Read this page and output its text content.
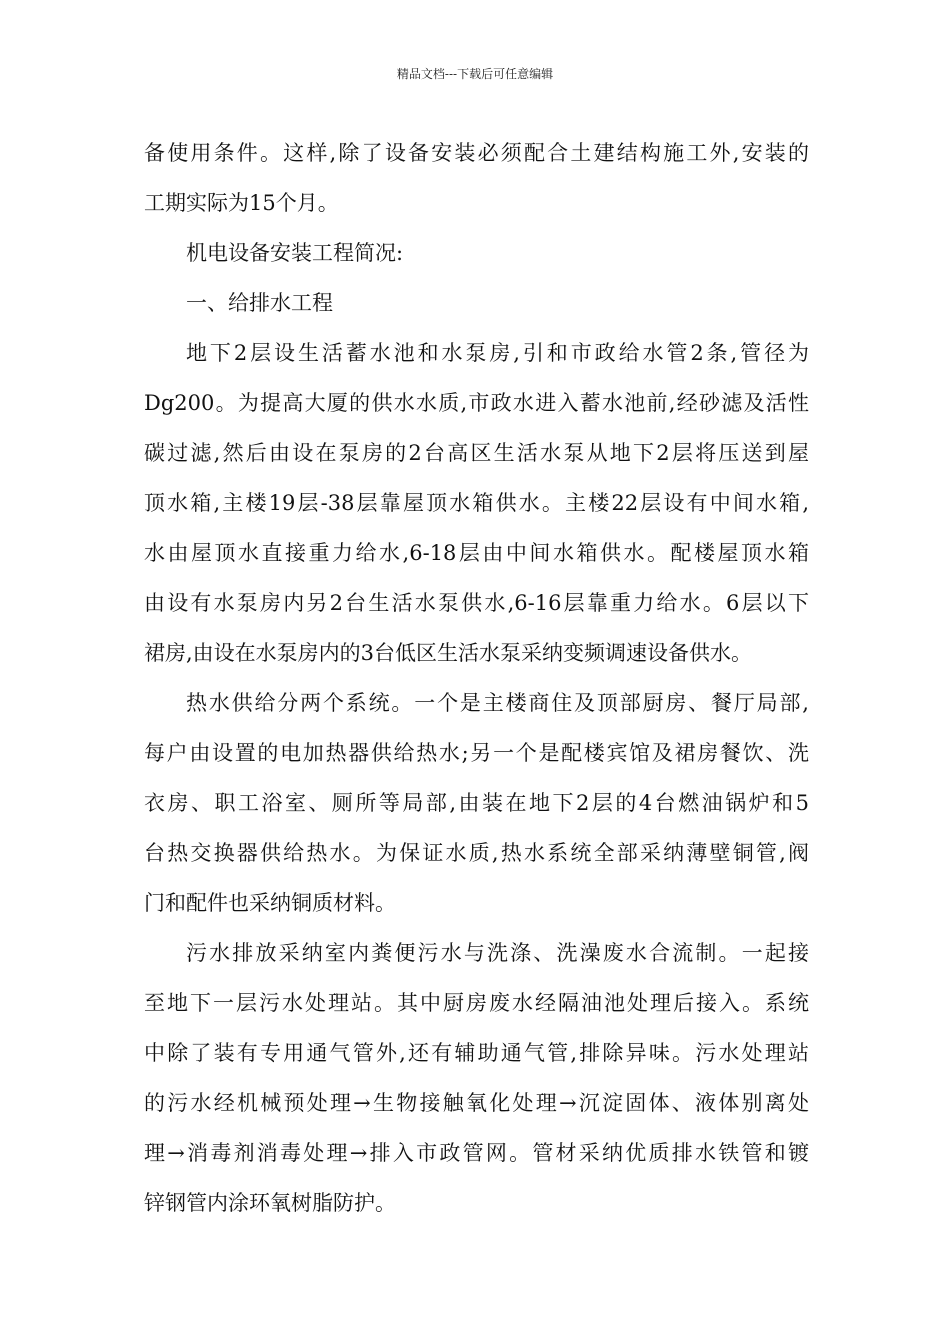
精品文档---下载后可任意编辑
备使用条件。这样,除了设备安装必须配合土建结构施工外,安装的
工期实际为15个月。
机电设备安装工程简况:
一、给排水工程
地下2层设生活蓄水池和水泵房,引和市政给水管2条,管径为
Dg200。为提高大厦的供水水质,市政水进入蓄水池前,经砂滤及活性
碳过滤,然后由设在泵房的2台高区生活水泵从地下2层将压送到屋
顶水箱,主楼19层-38层靠屋顶水箱供水。主楼22层设有中间水箱,
水由屋顶水直接重力给水,6-18层由中间水箱供水。配楼屋顶水箱
由设有水泵房内另2台生活水泵供水,6-16层靠重力给水。6层以下
裙房,由设在水泵房内的3台低区生活水泵采纳变频调速设备供水。
热水供给分两个系统。一个是主楼商住及顶部厨房、餐厅局部,
每户由设置的电加热器供给热水;另一个是配楼宾馆及裙房餐饮、洗
衣房、职工浴室、厕所等局部,由装在地下2层的4台燃油锅炉和5
台热交换器供给热水。为保证水质,热水系统全部采纳薄壁铜管,阀
门和配件也采纳铜质材料。
污水排放采纳室内粪便污水与洗涤、洗澡废水合流制。一起接
至地下一层污水处理站。其中厨房废水经隔油池处理后接入。系统
中除了装有专用通气管外,还有辅助通气管,排除异味。污水处理站
的污水经机械预处理→生物接触氧化处理→沉淀固体、液体别离处
理→消毒剂消毒处理→排入市政管网。管材采纳优质排水铁管和镀
锌钢管内涂环氧树脂防护。
